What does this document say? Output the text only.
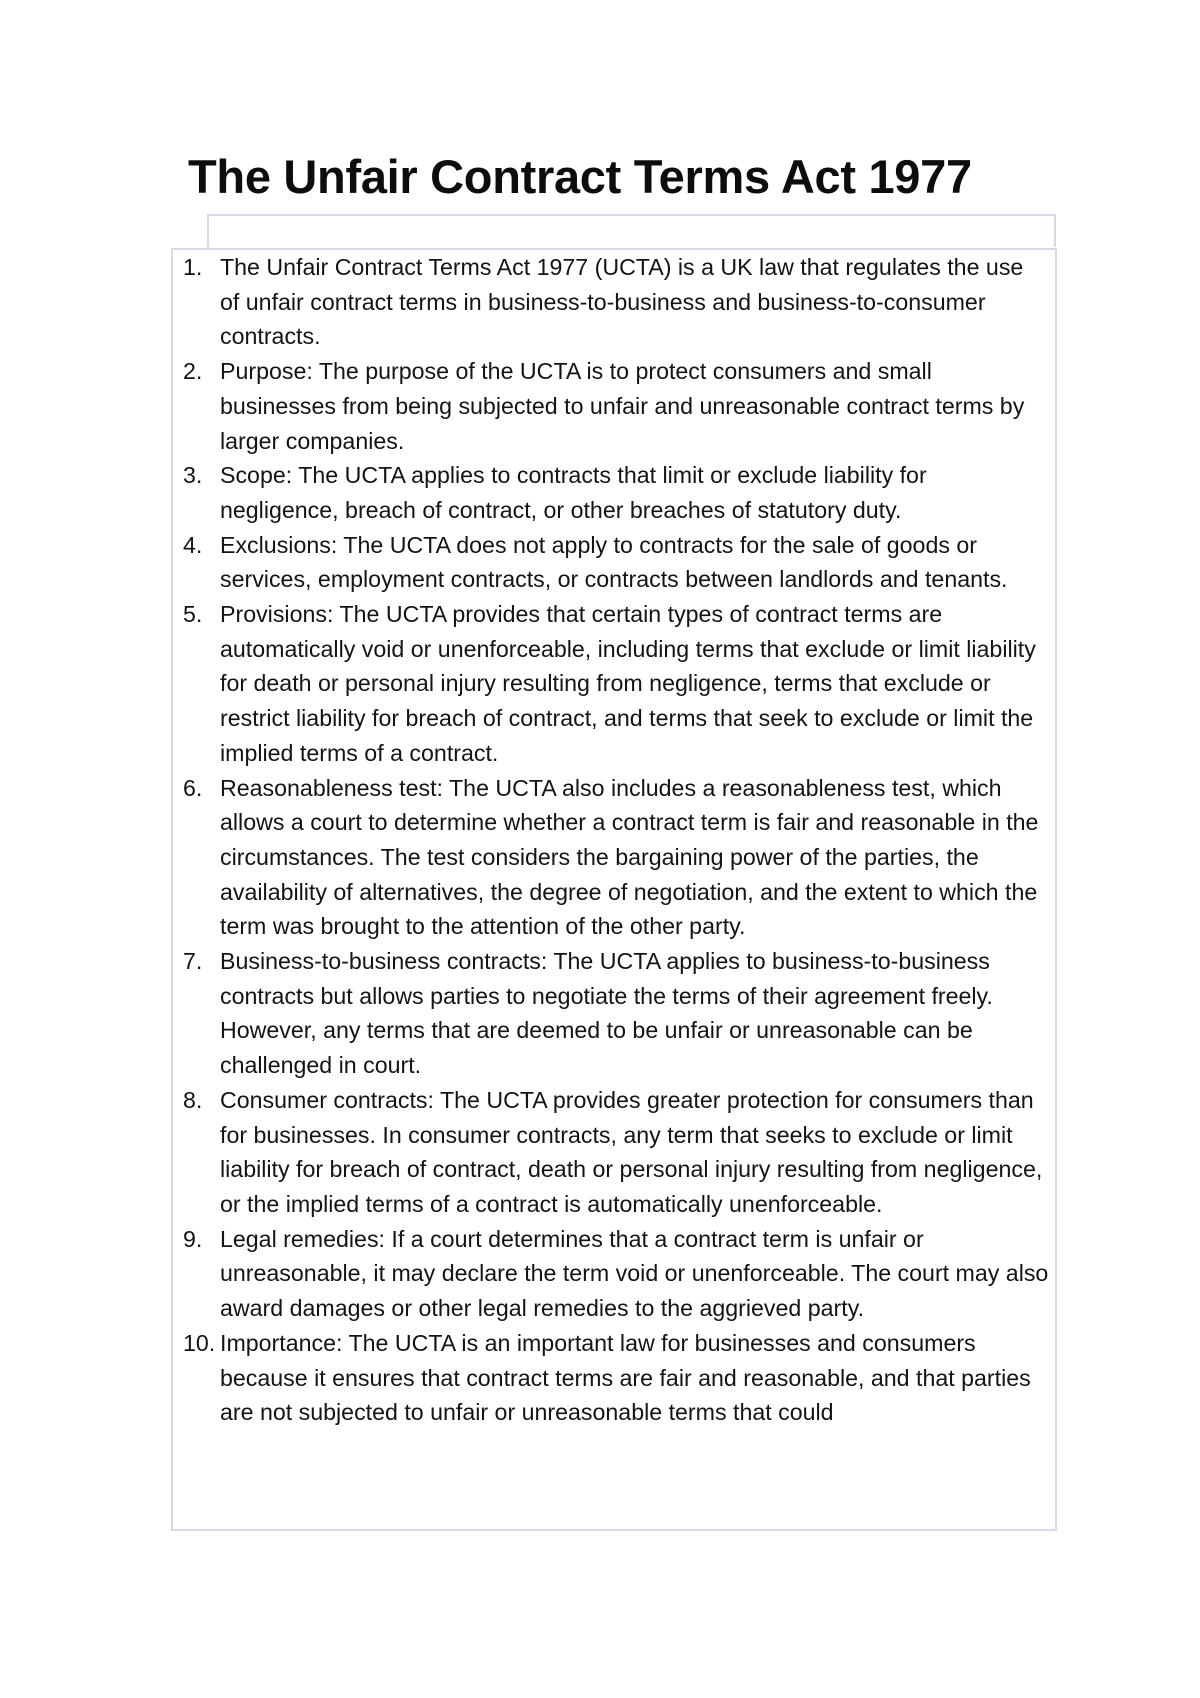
The Unfair Contract Terms Act 1977
1. The Unfair Contract Terms Act 1977 (UCTA) is a UK law that regulates the use of unfair contract terms in business-to-business and business-to-consumer contracts.
2. Purpose: The purpose of the UCTA is to protect consumers and small businesses from being subjected to unfair and unreasonable contract terms by larger companies.
3. Scope: The UCTA applies to contracts that limit or exclude liability for negligence, breach of contract, or other breaches of statutory duty.
4. Exclusions: The UCTA does not apply to contracts for the sale of goods or services, employment contracts, or contracts between landlords and tenants.
5. Provisions: The UCTA provides that certain types of contract terms are automatically void or unenforceable, including terms that exclude or limit liability for death or personal injury resulting from negligence, terms that exclude or restrict liability for breach of contract, and terms that seek to exclude or limit the implied terms of a contract.
6. Reasonableness test: The UCTA also includes a reasonableness test, which allows a court to determine whether a contract term is fair and reasonable in the circumstances. The test considers the bargaining power of the parties, the availability of alternatives, the degree of negotiation, and the extent to which the term was brought to the attention of the other party.
7. Business-to-business contracts: The UCTA applies to business-to-business contracts but allows parties to negotiate the terms of their agreement freely. However, any terms that are deemed to be unfair or unreasonable can be challenged in court.
8. Consumer contracts: The UCTA provides greater protection for consumers than for businesses. In consumer contracts, any term that seeks to exclude or limit liability for breach of contract, death or personal injury resulting from negligence, or the implied terms of a contract is automatically unenforceable.
9. Legal remedies: If a court determines that a contract term is unfair or unreasonable, it may declare the term void or unenforceable. The court may also award damages or other legal remedies to the aggrieved party.
10. Importance: The UCTA is an important law for businesses and consumers because it ensures that contract terms are fair and reasonable, and that parties are not subjected to unfair or unreasonable terms that could
